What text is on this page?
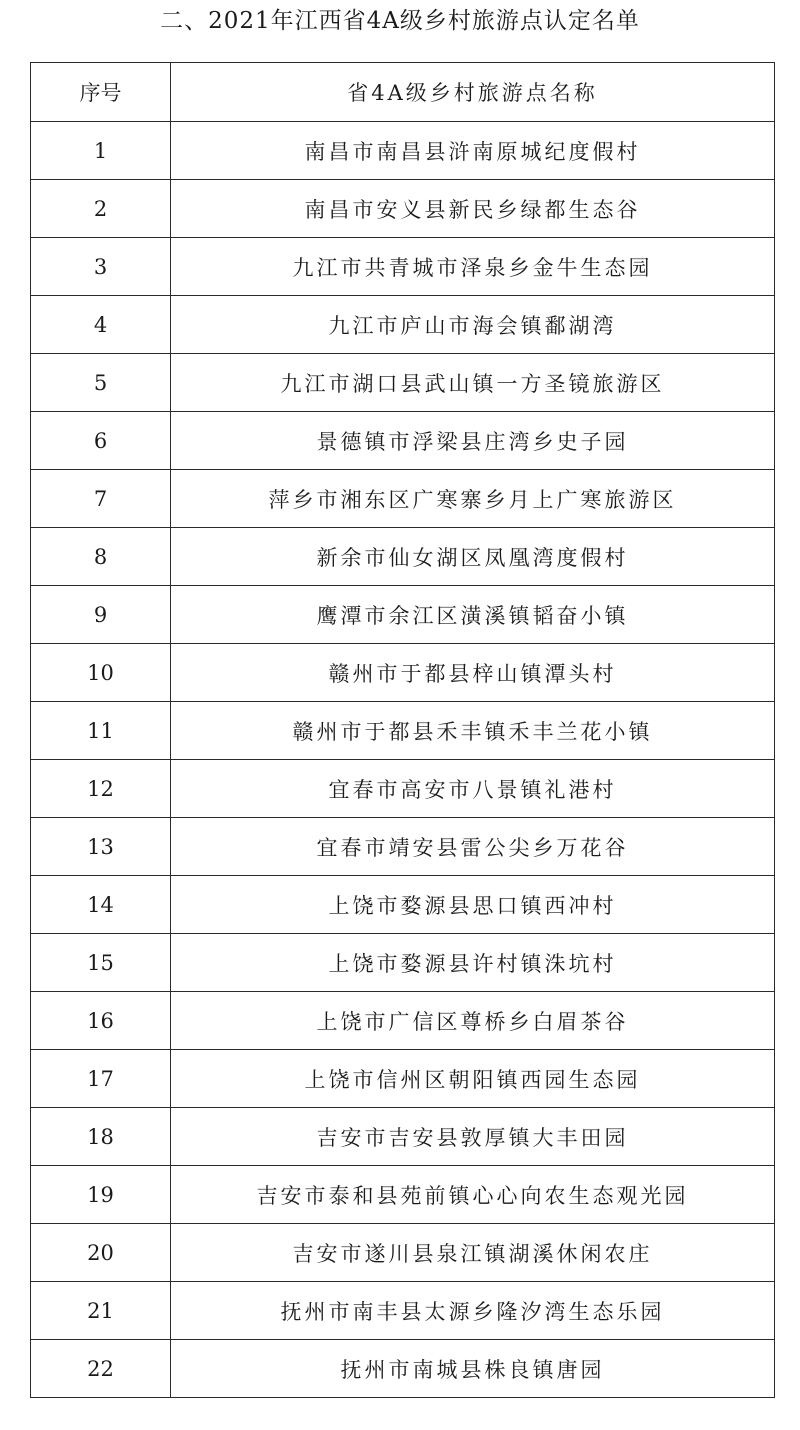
二、2021年江西省4A级乡村旅游点认定名单
序号	省4A级乡村旅游点名称
1	南昌市南昌县浒南原城纪度假村
2	南昌市安义县新民乡绿都生态谷
3	九江市共青城市泽泉乡金牛生态园
4	九江市庐山市海会镇鄱湖湾
5	九江市湖口县武山镇一方圣镜旅游区
6	景德镇市浮梁县庄湾乡史子园
7	萍乡市湘东区广寒寨乡月上广寒旅游区
8	新余市仙女湖区凤凰湾度假村
9	鹰潭市余江区潢溪镇韬奋小镇
10	赣州市于都县梓山镇潭头村
11	赣州市于都县禾丰镇禾丰兰花小镇
12	宜春市高安市八景镇礼港村
13	宜春市靖安县雷公尖乡万花谷
14	上饶市婺源县思口镇西冲村
15	上饶市婺源县许村镇洙坑村
16	上饶市广信区尊桥乡白眉茶谷
17	上饶市信州区朝阳镇西园生态园
18	吉安市吉安县敦厚镇大丰田园
19	吉安市泰和县苑前镇心心向农生态观光园
20	吉安市遂川县泉江镇湖溪休闲农庄
21	抚州市南丰县太源乡隆汐湾生态乐园
22	抚州市南城县株良镇唐园
